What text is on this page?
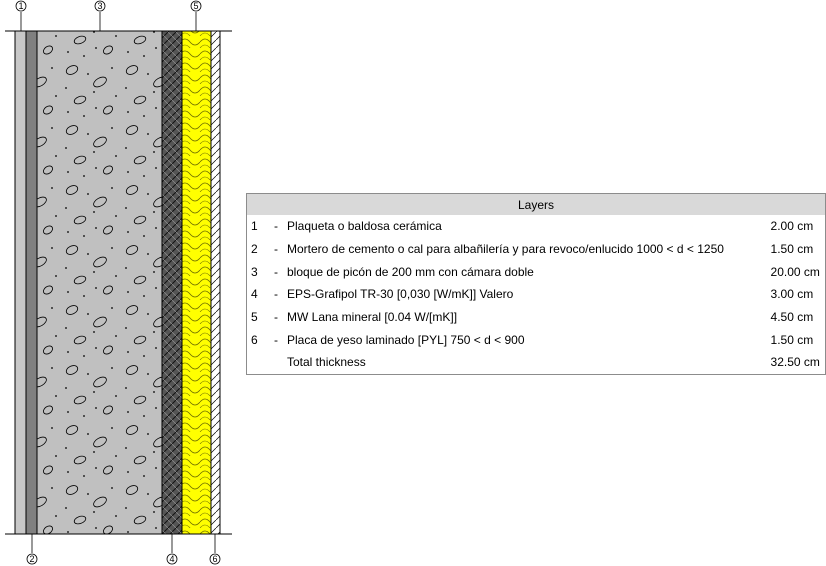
1	3	5
2	4	6
Layers			
1	-	Plaqueta o baldosa cerámica	2.00 cm
2	-	Mortero de cemento o cal para albañilería y para revoco/enlucido 1000 < d < 1250	1.50 cm
3	-	bloque de picón de 200 mm con cámara doble	20.00 cm
4	-	EPS-Grafipol TR-30 [0,030 [W/mK]] Valero	3.00 cm
5	-	MW Lana mineral [0.04 W/[mK]]	4.50 cm
6	-	Placa de yeso laminado [PYL] 750 < d < 900	1.50 cm
		Total thickness	32.50 cm
